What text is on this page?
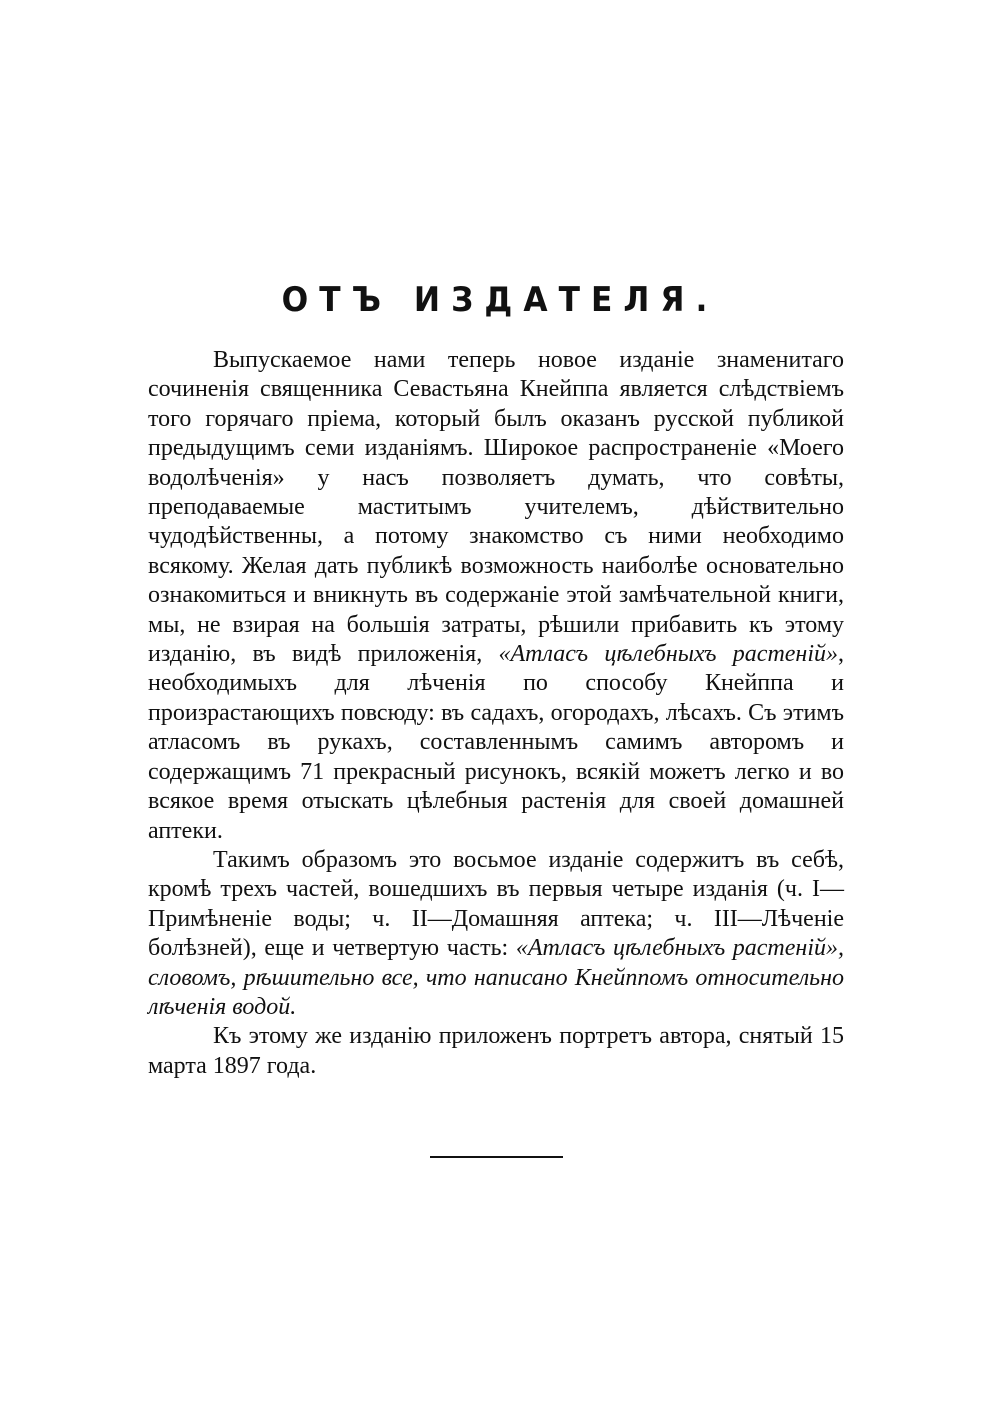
ОТЪ ИЗДАТЕЛЯ.

Выпускаемое нами теперь новое изданiе знаменитаго сочиненiя священника Севастьяна Кнейппа является слѣдствiемъ того горячаго прiема, который былъ оказанъ русской публикой предыдущимъ семи изданiямъ. Широкое распространенiе «Моего водолѣченiя» у насъ позволяетъ думать, что совѣты, преподаваемые маститымъ учителемъ, дѣйствительно чудодѣйственны, а потому знакомство съ ними необходимо всякому. Желая дать публикѣ возможность наиболѣе основательно ознакомиться и вникнуть въ содержанiе этой замѣчательной книги, мы, не взирая на большiя затраты, рѣшили прибавить къ этому изданiю, въ видѣ приложенiя, «Атласъ цѣлебныхъ растенiй», необходимыхъ для лѣченiя по способу Кнейппа и произрастающихъ повсюду: въ садахъ, огородахъ, лѣсахъ. Съ этимъ атласомъ въ рукахъ, составленнымъ самимъ авторомъ и содержащимъ 71 прекрасный рисунокъ, всякiй можетъ легко и во всякое время отыскать цѣлебныя растенiя для своей домашней аптеки.

Такимъ образомъ это восьмое изданiе содержитъ въ себѣ, кромѣ трехъ частей, вошедшихъ въ первыя четыре изданiя (ч. I—Примѣненiе воды; ч. II—Домашняя аптека; ч. III—Лѣченiе болѣзней), еще и четвертую часть: «Атласъ цѣлебныхъ растенiй», словомъ, рѣшительно все, что написано Кнейппомъ относительно лѣченiя водой.

Къ этому же изданiю приложенъ портретъ автора, снятый 15 марта 1897 года.
